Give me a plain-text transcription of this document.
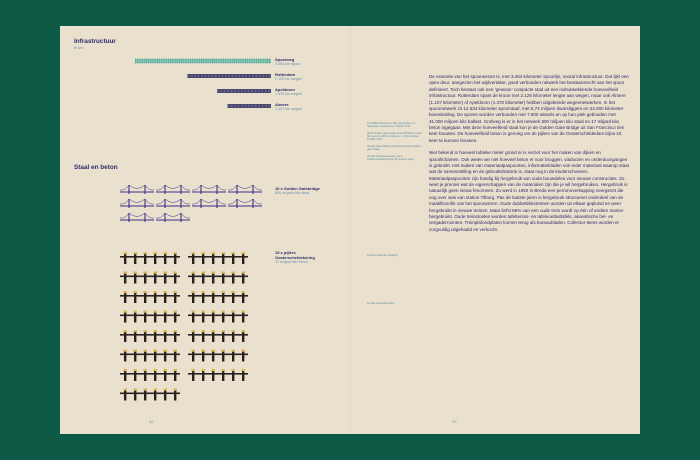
Infrastructuur
in km
Spoorweg
3.454 km spoor
Rotterdam
2.125 km wegen
Apeldoorn
1.370 km wegen
Almere
1.107 km wegen
Staal en beton
10 x Golden Gatebridge
800 miljoen kilo staal
15 x pijlers Oosterscheldekering
17 miljard kilo beton

37 ProRail Spoorwerk, Meest bijzondere en historische wereldreizen. ProRail, 2017.

38 De Golden Gate bridge bevat 88.000 ton staal. Het gaat om 295 km kabels en 1.100 km kabel. ProRail, 2017.

39 http://www.railway-ofnetherlands.com/ golden-gate-bridge

40 http://www.deltawerken.com/ Oosterscheldekering/De 15 grootste pijlers.

41 https://www.tiet.nl/tilburg
42 Vast onderzoek 2019

De essentie van het spoorwezen is, met 3.454 kilometer spoorlijn, vooral infrastructuur. Dat lijkt een open deur, aangezien het wijdvertakte, goed verbonden netwerk het bestaansrecht van het spoor definieert. Toch bestaat ook een ‘gewone’ compacte stad uit een indrukwekkende hoeveelheid infrastructuur. Rotterdam spant de kroon met 2.125 kilometer lengte aan wegen, maar ook Almere (1.107 kilometer) of Apeldoorn (1.370 kilometer) hebben uitgebreide wegennetwerken. In het spoornetwerk zit 12.634 kilometer spoorstaaf, met 6,74 miljoen dwarsliggers en 23.000 kilometer bovenleiding. De sporen worden verbonden met 7.500 wissels en op hun piek gebruiden met 31.000 miljoen kilo ballast. Grofweg is er in het netwerk 800 miljoen kilo staal en 17 miljard kilo beton ingegaan. Met deze hoeveelheid staal kun je de Golden Gate Bridge uit San Francisco tien keer bouwen. De hoeveelheid beton is genoeg om de pijlers van de Oosterscheldedam bijna 15 keer te kunnen bouwen.

Niet bekend is hoeveel tubleke meter grond er is verzet voor het maken van dijken en spoorlichamen. Ook weten we niet hoeveel beton er voor bruggen, viaducten en onderdoorgangen is gebruikt. Het maken van materiaalpaspoorten, informatiebladen van ieder materiaal waarop staat wat de samenstelling en de gebruikshistorie is, staat nog in de kinderschoenen. Materiaalpaspoorten zijn handig bij hergebruik van oude bouwdelen voor nieuwe constructies. Zo weet je precies wat de eigenschappen van de materialen zijn die je wil hergebruiken. Hergebruik is natuurlijk geen nieuw fenomeen. Zo werd in 1950 in Breda een perronoverkapping neergezet die nog over was van station Tilburg. Pas de laatste jaren is hergebruik structureel onderdeel van de maakfilosofie van het spoorwezen. Oude dubbeldekstreinen worden uit elkaar gepluisd en weer hergebruikt in nieuwe treinen. Maar liefst 86% van een oude trein wordt op één of andere manier hergebruikt. Oude treinstoelen worden tafeltennis- en tafelvoetbaltafels, akoestische bel- en vergaderruimten. Treinplafondplaten komen terug als bureaubladen. Collector-items worden er zorgvuldig uitgehaald en verkocht.

32	33
